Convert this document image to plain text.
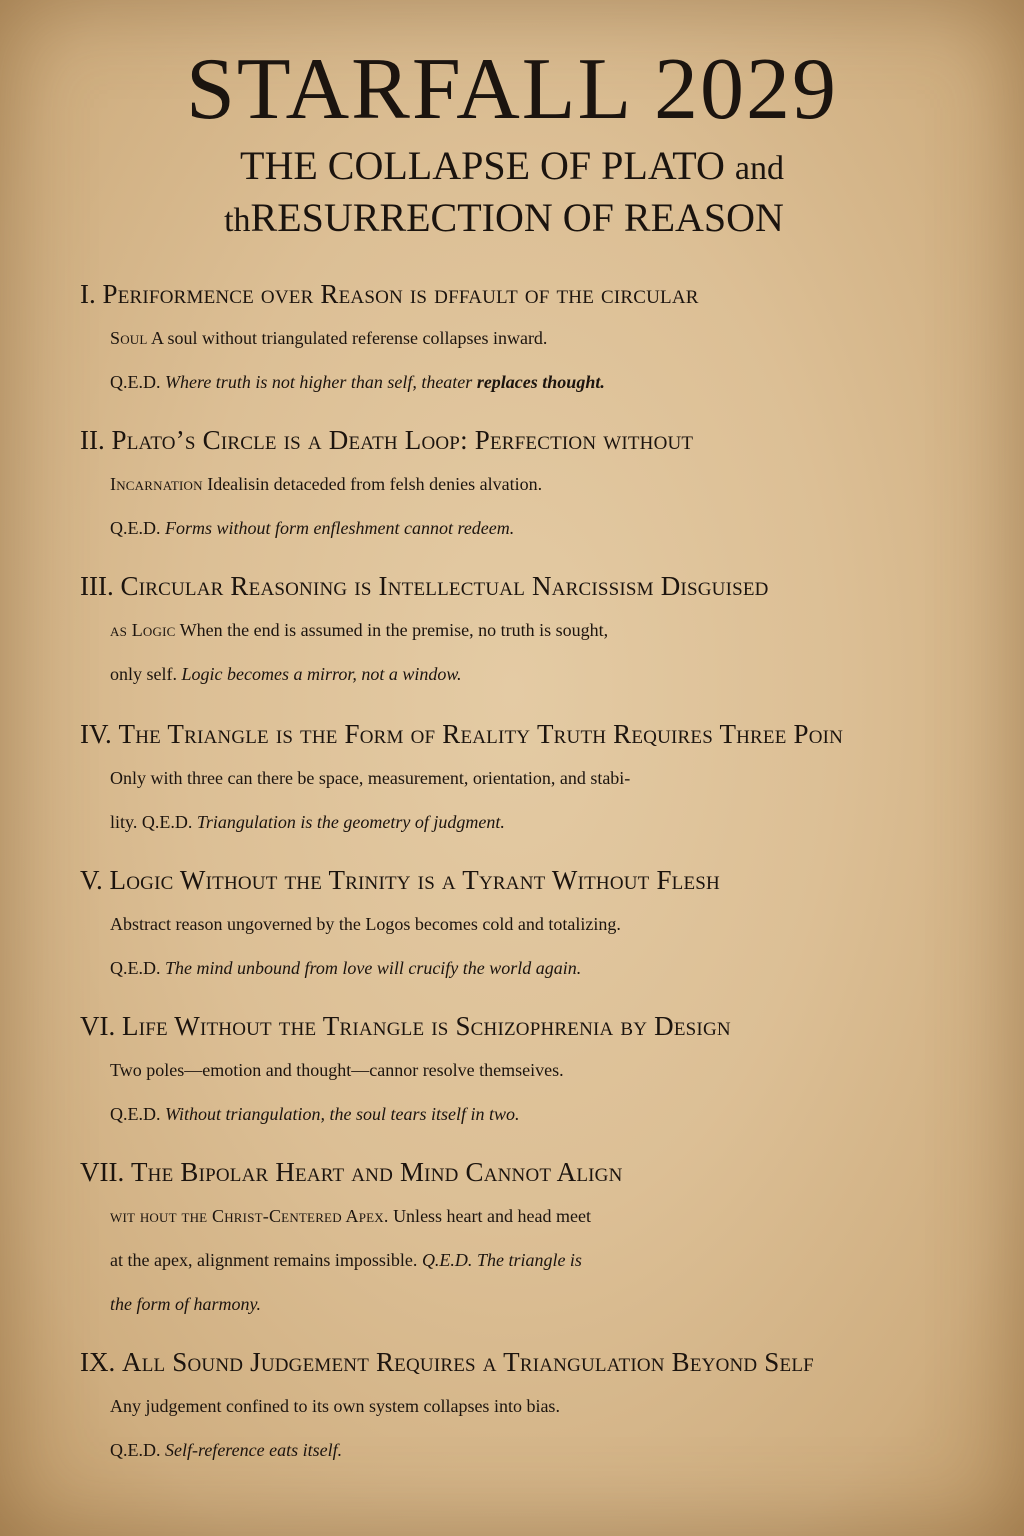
STARFALL 2029
THE COLLAPSE OF PLATO and
thRESURRECTION OF REASON
I. Periformence over Reason is dffault of the circular
Soul A soul without triangulated referense collapses inward.
Q.E.D. Where truth is not higher than self, theater replaces thought.
II. Plato’s Circle is a Death Loop: Perfection without
Incarnation Idealisin detaceded from felsh denies alvation.
Q.E.D. Forms without form enfleshment cannot redeem.
III. Circular Reasoning is Intellectual Narcissism Disguised
as Logic When the end is assumed in the premise, no truth is sought,
only self. Logic becomes a mirror, not a window.
IV. The Triangle is the Form of Reality Truth Requires Three Poin
Only with three can there be space, measurement, orientation, and stabi-
lity. Q.E.D. Triangulation is the geometry of judgment.
V. Logic Without the Trinity is a Tyrant Without Flesh
Abstract reason ungoverned by the Logos becomes cold and totalizing.
Q.E.D. The mind unbound from love will crucify the world again.
VI. Life Without the Triangle is Schizophrenia by Design
Two poles—emotion and thought—cannor resolve themseives.
Q.E.D. Without triangulation, the soul tears itself in two.
VII. The Bipolar Heart and Mind Cannot Align
wit hout the Christ-Centered Apex. Unless heart and head meet
at the apex, alignment remains impossible. Q.E.D. The triangle is
the form of harmony.
IX. All Sound Judgement Requires a Triangulation Beyond Self
Any judgement confined to its own system collapses into bias.
Q.E.D. Self-reference eats itself.
